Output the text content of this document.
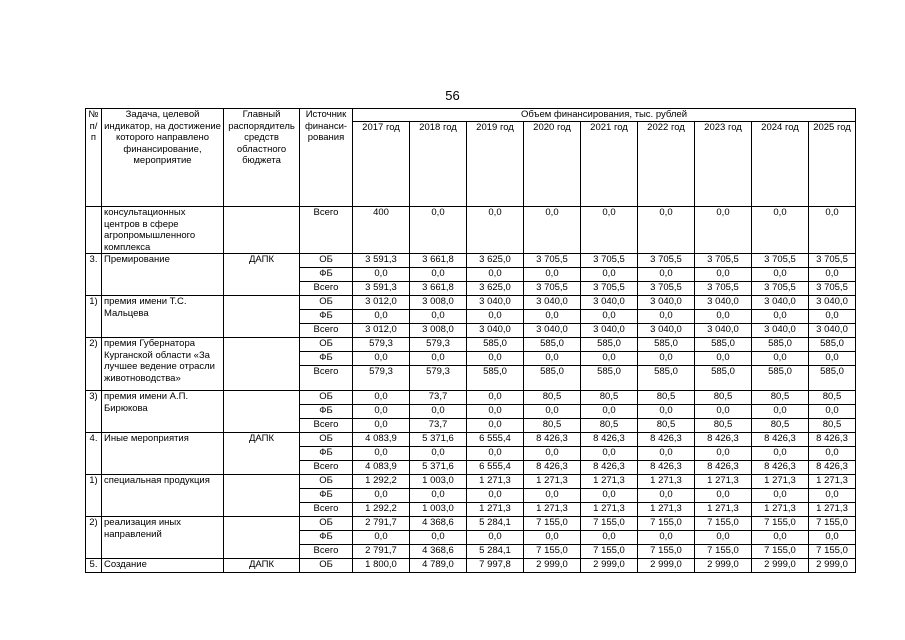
56
№ п/п	Задача, целевой индикатор, на достижение которого направлено финансирование, мероприятие	Главный распорядитель средств областного бюджета	Источник финанси-рования	Объем финансирования, тыс. рублей								
				2017 год	2018 год	2019 год	2020 год	2021 год	2022 год	2023 год	2024 год	2025 год
	консультационных центров в сфере агропромышленного комплекса		Всего	400	0,0	0,0	0,0	0,0	0,0	0,0	0,0	0,0
3.	Премирование	ДАПК	ОБ	3 591,3	3 661,8	3 625,0	3 705,5	3 705,5	3 705,5	3 705,5	3 705,5	3 705,5
			ФБ	0,0	0,0	0,0	0,0	0,0	0,0	0,0	0,0	0,0
			Всего	3 591,3	3 661,8	3 625,0	3 705,5	3 705,5	3 705,5	3 705,5	3 705,5	3 705,5
1)	премия имени Т.С. Мальцева		ОБ	3 012,0	3 008,0	3 040,0	3 040,0	3 040,0	3 040,0	3 040,0	3 040,0	3 040,0
			ФБ	0,0	0,0	0,0	0,0	0,0	0,0	0,0	0,0	0,0
			Всего	3 012,0	3 008,0	3 040,0	3 040,0	3 040,0	3 040,0	3 040,0	3 040,0	3 040,0
2)	премия Губернатора Курганской области «За лучшее ведение отрасли животноводства»		ОБ	579,3	579,3	585,0	585,0	585,0	585,0	585,0	585,0	585,0
			ФБ	0,0	0,0	0,0	0,0	0,0	0,0	0,0	0,0	0,0
			Всего	579,3	579,3	585,0	585,0	585,0	585,0	585,0	585,0	585,0
3)	премия имени А.П. Бирюкова		ОБ	0,0	73,7	0,0	80,5	80,5	80,5	80,5	80,5	80,5
			ФБ	0,0	0,0	0,0	0,0	0,0	0,0	0,0	0,0	0,0
			Всего	0,0	73,7	0,0	80,5	80,5	80,5	80,5	80,5	80,5
4.	Иные мероприятия	ДАПК	ОБ	4 083,9	5 371,6	6 555,4	8 426,3	8 426,3	8 426,3	8 426,3	8 426,3	8 426,3
			ФБ	0,0	0,0	0,0	0,0	0,0	0,0	0,0	0,0	0,0
			Всего	4 083,9	5 371,6	6 555,4	8 426,3	8 426,3	8 426,3	8 426,3	8 426,3	8 426,3
1)	специальная продукция		ОБ	1 292,2	1 003,0	1 271,3	1 271,3	1 271,3	1 271,3	1 271,3	1 271,3	1 271,3
			ФБ	0,0	0,0	0,0	0,0	0,0	0,0	0,0	0,0	0,0
			Всего	1 292,2	1 003,0	1 271,3	1 271,3	1 271,3	1 271,3	1 271,3	1 271,3	1 271,3
2)	реализация иных направлений		ОБ	2 791,7	4 368,6	5 284,1	7 155,0	7 155,0	7 155,0	7 155,0	7 155,0	7 155,0
			ФБ	0,0	0,0	0,0	0,0	0,0	0,0	0,0	0,0	0,0
			Всего	2 791,7	4 368,6	5 284,1	7 155,0	7 155,0	7 155,0	7 155,0	7 155,0	7 155,0
5.	Создание	ДАПК	ОБ	1 800,0	4 789,0	7 997,8	2 999,0	2 999,0	2 999,0	2 999,0	2 999,0	2 999,0
